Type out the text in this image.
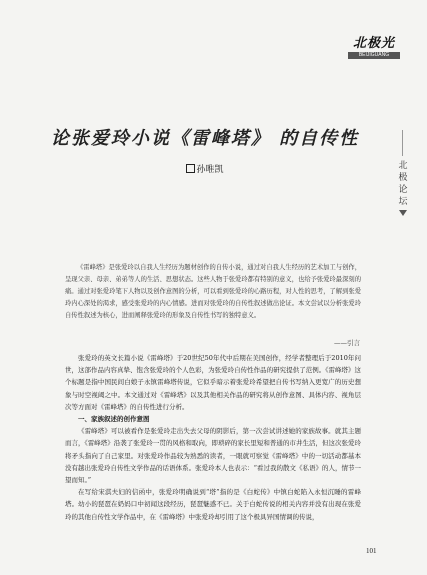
北极光
BEIJIGUANG
北极论坛
论张爱玲小说《雷峰塔》 的自传性
孙唯凯
《雷峰塔》是张爱玲以自我人生经历为题材创作的自传小说，通过对自我人生经历的艺术加工与创作，呈现父亲、母亲、弟弟等人的生活、思想状态。这些人物于张爱玲都有特别的意义，也给予张爱玲最深刻的痛。通过对张爱玲笔下人物以及创作意图的分析，可以看到张爱玲的心路历程，对人性的思考，了解到张爱玲内心深处的渴求，感受张爱玲的内心情感。进而对张爱玲的自传性叙述做出论证。本文尝试以分析张爱玲自传性叙述为核心，进而阐释张爱玲的形象及自传性书写的独特意义。
——引言

张爱玲的英文长篇小说《雷峰塔》于20世纪50年代中后期在美国创作，经学者整理后于2010年问世，这部作品内容真挚、饱含张爱玲的个人色彩，为张爱玲自传性作品的研究提供了范例。《雷峰塔》这个标题是指中国民间白娘子永镇雷峰塔传说，它似乎暗示着张爱玲希望把自传书写纳入更宽广的历史想象与时空视阈之中。本文通过对《雷峰塔》以及其他相关作品的研究将从创作意图、具体内容、视角层次等方面对《雷峰塔》的自传性进行分析。

一、家族叙述的创作意图

《雷峰塔》可以被看作是张爱玲走出失去父母的阴影后，第一次尝试讲述她的家族故事。就其主题而言，《雷峰塔》沿袭了张爱玲一贯的风格和取向，即琐碎的家长里短和普通的市井生活，但这次张爱玲将矛头指向了自己家里。对张爱玲作品较为熟悉的读者，一眼就可察觉《雷峰塔》中的一切活动都基本没有越出张爱玲自传性文学作品的话语体系。张爱玲本人也表示：“看过我的散文《私语》的人，情节一望而知。”

在写给宋淇夫妇的信函中，张爱玲明确说到“塔”指的是《白蛇传》中镇白蛇陷入永恒沉睡的雷峰塔。幼小的琵琶在奶妈口中初闻这段经历，琵琶魅惑不已。关于白蛇传说的相关内容并没有出现在张爱玲的其他自传性文学作品中，在《雷峰塔》中张爱玲却引用了这个极具异国情调的传说，

101
